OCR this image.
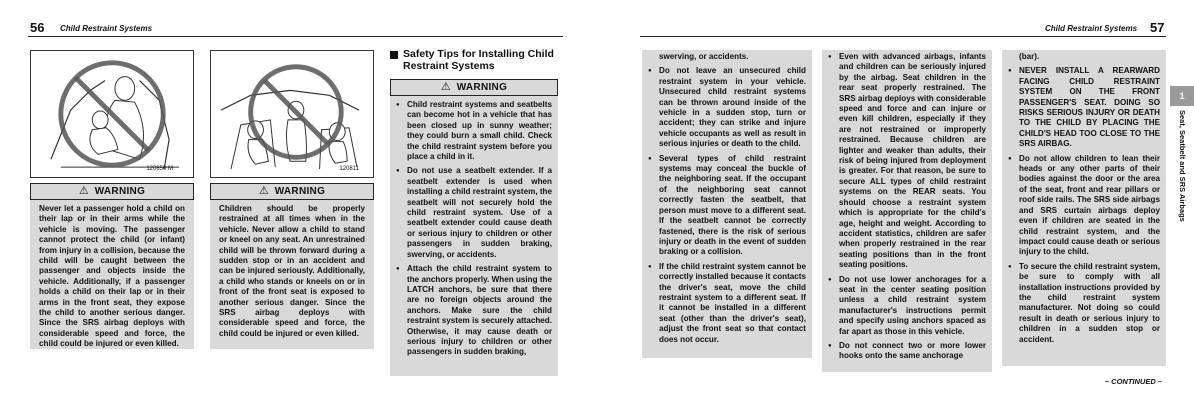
56 Child Restraint Systems
120850 M	120811
⚠ WARNING
Never let a passenger hold a child on their lap or in their arms while the vehicle is moving. The passenger cannot protect the child (or infant) from injury in a collision, because the child will be caught between the passenger and objects inside the vehicle. Additionally, if a passenger holds a child on their lap or in their arms in the front seat, they expose the child to another serious danger. Since the SRS airbag deploys with considerable speed and force, the child could be injured or even killed.
⚠ WARNING
Children should be properly restrained at all times when in the vehicle. Never allow a child to stand or kneel on any seat. An unrestrained child will be thrown forward during a sudden stop or in an accident and can be injured seriously. Additionally, a child who stands or kneels on or in front of the front seat is exposed to another serious danger. Since the SRS airbag deploys with considerable speed and force, the child could be injured or even killed.
Safety Tips for Installing Child Restraint Systems
⚠ WARNING
● Child restraint systems and seatbelts can become hot in a vehicle that has been closed up in sunny weather; they could burn a small child. Check the child restraint system before you place a child in it.
● Do not use a seatbelt extender. If a seatbelt extender is used when installing a child restraint system, the seatbelt will not securely hold the child restraint system. Use of a seatbelt extender could cause death or serious injury to children or other passengers in sudden braking, swerving, or accidents.
● Attach the child restraint system to the anchors properly. When using the LATCH anchors, be sure that there are no foreign objects around the anchors. Make sure the child restraint system is securely attached. Otherwise, it may cause death or serious injury to children or other passengers in sudden braking,
Child Restraint Systems 57
swerving, or accidents.
● Do not leave an unsecured child restraint system in your vehicle. Unsecured child restraint systems can be thrown around inside of the vehicle in a sudden stop, turn or accident; they can strike and injure vehicle occupants as well as result in serious injuries or death to the child.
● Several types of child restraint systems may conceal the buckle of the neighboring seat. If the occupant of the neighboring seat cannot correctly fasten the seatbelt, that person must move to a different seat. If the seatbelt cannot be correctly fastened, there is the risk of serious injury or death in the event of sudden braking or a collision.
● If the child restraint system cannot be correctly installed because it contacts the driver's seat, move the child restraint system to a different seat. If it cannot be installed in a different seat (other than the driver's seat), adjust the front seat so that contact does not occur.
● Even with advanced airbags, infants and children can be seriously injured by the airbag. Seat children in the rear seat properly restrained. The SRS airbag deploys with considerable speed and force and can injure or even kill children, especially if they are not restrained or improperly restrained. Because children are lighter and weaker than adults, their risk of being injured from deployment is greater. For that reason, be sure to secure ALL types of child restraint systems on the REAR seats. You should choose a restraint system which is appropriate for the child's age, height and weight. According to accident statistics, children are safer when properly restrained in the rear seating positions than in the front seating positions.
● Do not use lower anchorages for a seat in the center seating position unless a child restraint system manufacturer's instructions permit and specify using anchors spaced as far apart as those in this vehicle.
● Do not connect two or more lower hooks onto the same anchorage
(bar).
● NEVER INSTALL A REARWARD FACING CHILD RESTRAINT SYSTEM ON THE FRONT PASSENGER'S SEAT. DOING SO RISKS SERIOUS INJURY OR DEATH TO THE CHILD BY PLACING THE CHILD'S HEAD TOO CLOSE TO THE SRS AIRBAG.
● Do not allow children to lean their heads or any other parts of their bodies against the door or the area of the seat, front and rear pillars or roof side rails. The SRS side airbags and SRS curtain airbags deploy even if children are seated in the child restraint system, and the impact could cause death or serious injury to the child.
● To secure the child restraint system, be sure to comply with all installation instructions provided by the child restraint system manufacturer. Not doing so could result in death or serious injury to children in a sudden stop or accident.
1
Seat, Seatbelt and SRS Airbags
– CONTINUED –
